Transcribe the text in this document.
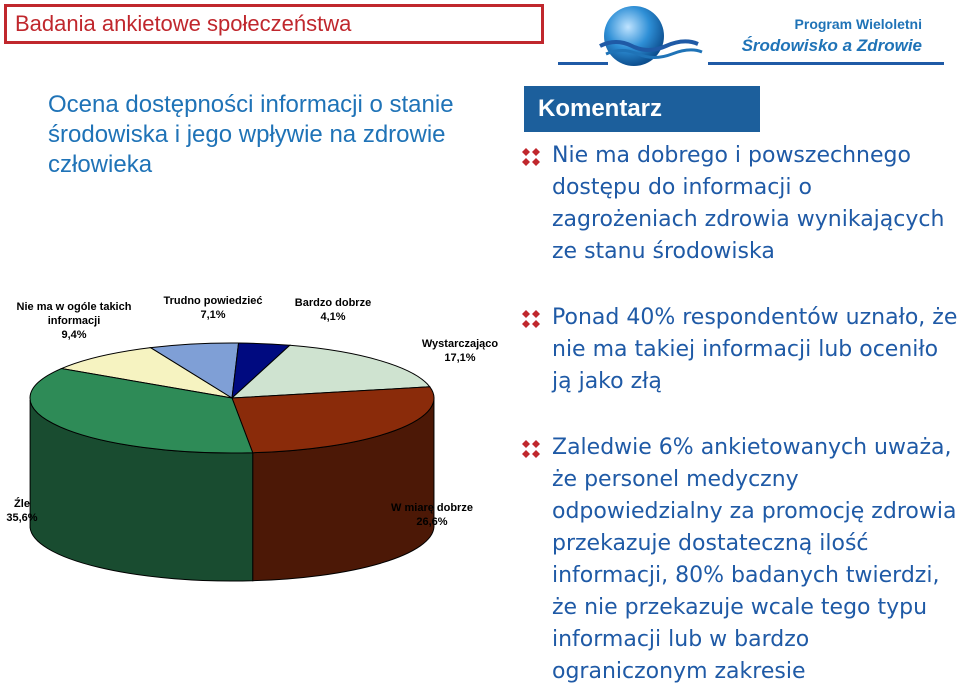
Badania ankietowe społeczeństwa	Program Wieloletni
Środowisko a Zdrowie
Ocena dostępności informacji o stanie środowiska i jego wpływie na zdrowie człowieka
Komentarz
Nie ma dobrego i powszechnego dostępu do informacji o zagrożeniach zdrowia wynikających ze stanu środowiska
Ponad 40% respondentów uznało, że nie ma takiej informacji lub oceniło ją jako złą
Zaledwie 6% ankietowanych uważa, że personel medyczny odpowiedzialny za promocję zdrowia przekazuje dostateczną ilość informacji, 80% badanych twierdzi, że nie przekazuje wcale tego typu informacji lub w bardzo ograniczonym zakresie
Nie ma w ogóle takich informacji
9,4%
Trudno powiedzieć
7,1%
Bardzo dobrze
4,1%
Wystarczająco
17,1%
W miarę dobrze
26,6%
Źle
35,6%
